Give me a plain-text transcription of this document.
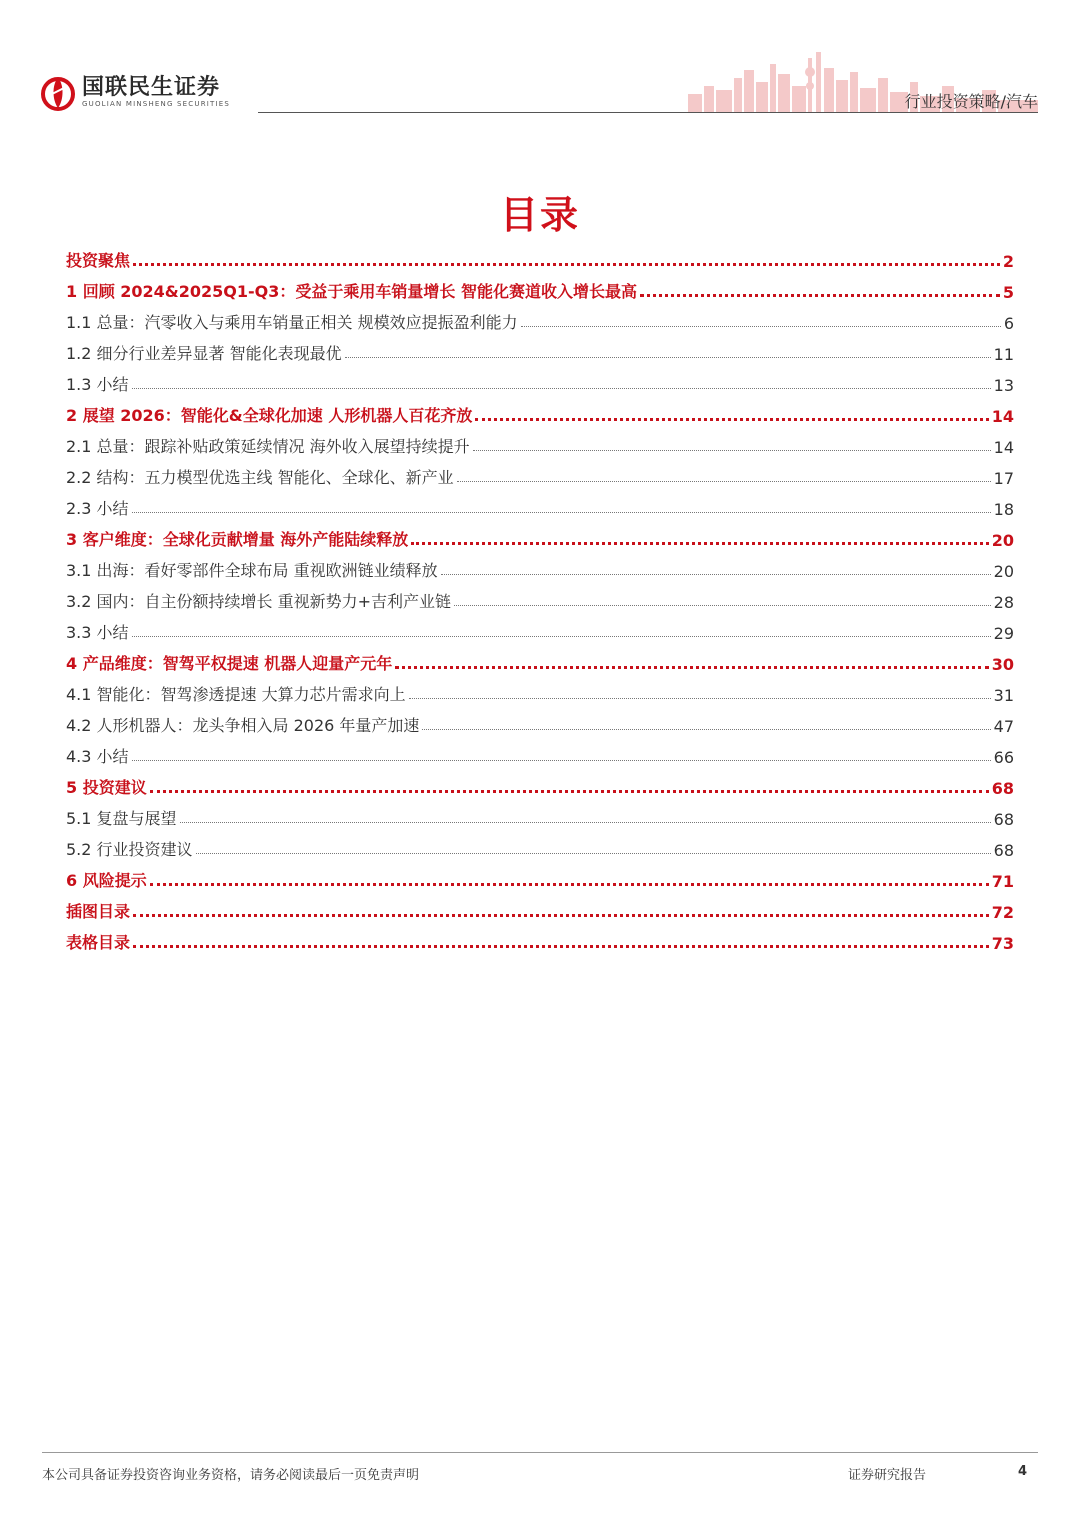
国联民生证券
GUOLIAN MINSHENG SECURITIES	行业投资策略/汽车
目录
投资聚焦	2
1 回顾 2024&2025Q1-Q3：受益于乘用车销量增长 智能化赛道收入增长最高	5
1.1 总量：汽零收入与乘用车销量正相关 规模效应提振盈利能力	6
1.2 细分行业差异显著 智能化表现最优	11
1.3 小结	13
2 展望 2026：智能化&全球化加速 人形机器人百花齐放	14
2.1 总量：跟踪补贴政策延续情况 海外收入展望持续提升	14
2.2 结构：五力模型优选主线 智能化、全球化、新产业	17
2.3 小结	18
3 客户维度：全球化贡献增量 海外产能陆续释放	20
3.1 出海：看好零部件全球布局 重视欧洲链业绩释放	20
3.2 国内：自主份额持续增长 重视新势力+吉利产业链	28
3.3 小结	29
4 产品维度：智驾平权提速 机器人迎量产元年	30
4.1 智能化：智驾渗透提速 大算力芯片需求向上	31
4.2 人形机器人：龙头争相入局 2026 年量产加速	47
4.3 小结	66
5 投资建议	68
5.1 复盘与展望	68
5.2 行业投资建议	68
6 风险提示	71
插图目录	72
表格目录	73
本公司具备证券投资咨询业务资格，请务必阅读最后一页免责声明	证券研究报告	4
